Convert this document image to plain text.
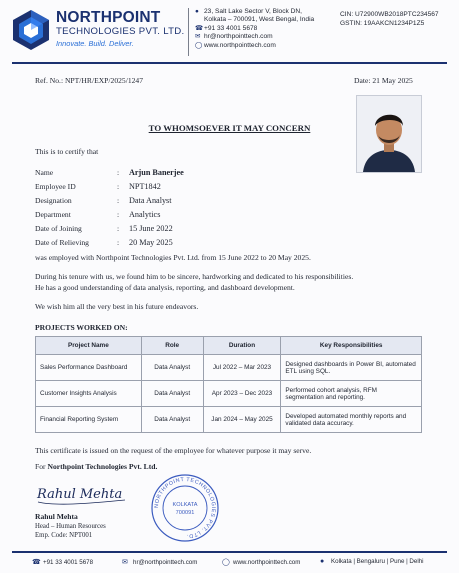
NORTHPOINT
TECHNOLOGIES PVT. LTD.
Innovate. Build. Deliver.
● 23, Salt Lake Sector V, Block DN,
Kolkata – 700091, West Bengal, India
☎ +91 33 4001 5678
✉ hr@northpointtech.com
◯ www.northpointtech.com
CIN: U72900WB2018PTC234567
GSTIN: 19AAKCN1234P1Z5
Ref. No.: NPT/HR/EXP/2025/1247	Date: 21 May 2025
TO WHOMSOEVER IT MAY CONCERN
This is to certify that
Name	:	Arjun Banerjee
Employee ID	:	NPT1842
Designation	:	Data Analyst
Department	:	Analytics
Date of Joining	:	15 June 2022
Date of Relieving	:	20 May 2025
was employed with Northpoint Technologies Pvt. Ltd. from 15 June 2022 to 20 May 2025.
During his tenure with us, we found him to be sincere, hardworking and dedicated to his responsibilities.
He has a good understanding of data analysis, reporting, and dashboard development.
We wish him all the very best in his future endeavors.
PROJECTS WORKED ON:
Project Name	Role	Duration	Key Responsibilities
Sales Performance Dashboard	Data Analyst	Jul 2022 – Mar 2023	Designed dashboards in Power BI, automated ETL using SQL.
Customer Insights Analysis	Data Analyst	Apr 2023 – Dec 2023	Performed cohort analysis, RFM segmentation and reporting.
Financial Reporting System	Data Analyst	Jan 2024 – May 2025	Developed automated monthly reports and validated data accuracy.
This certificate is issued on the request of the employee for whatever purpose it may serve.
For Northpoint Technologies Pvt. Ltd.
Rahul Mehta
Rahul Mehta
Head – Human Resources
Emp. Code: NPT001
NORTHPOINT TECHNOLOGIES PVT. LTD.
KOLKATA
700091
☎ +91 33 4001 5678	✉ hr@northpointtech.com	◯ www.northpointtech.com	●	Kolkata | Bengaluru | Pune | Delhi
